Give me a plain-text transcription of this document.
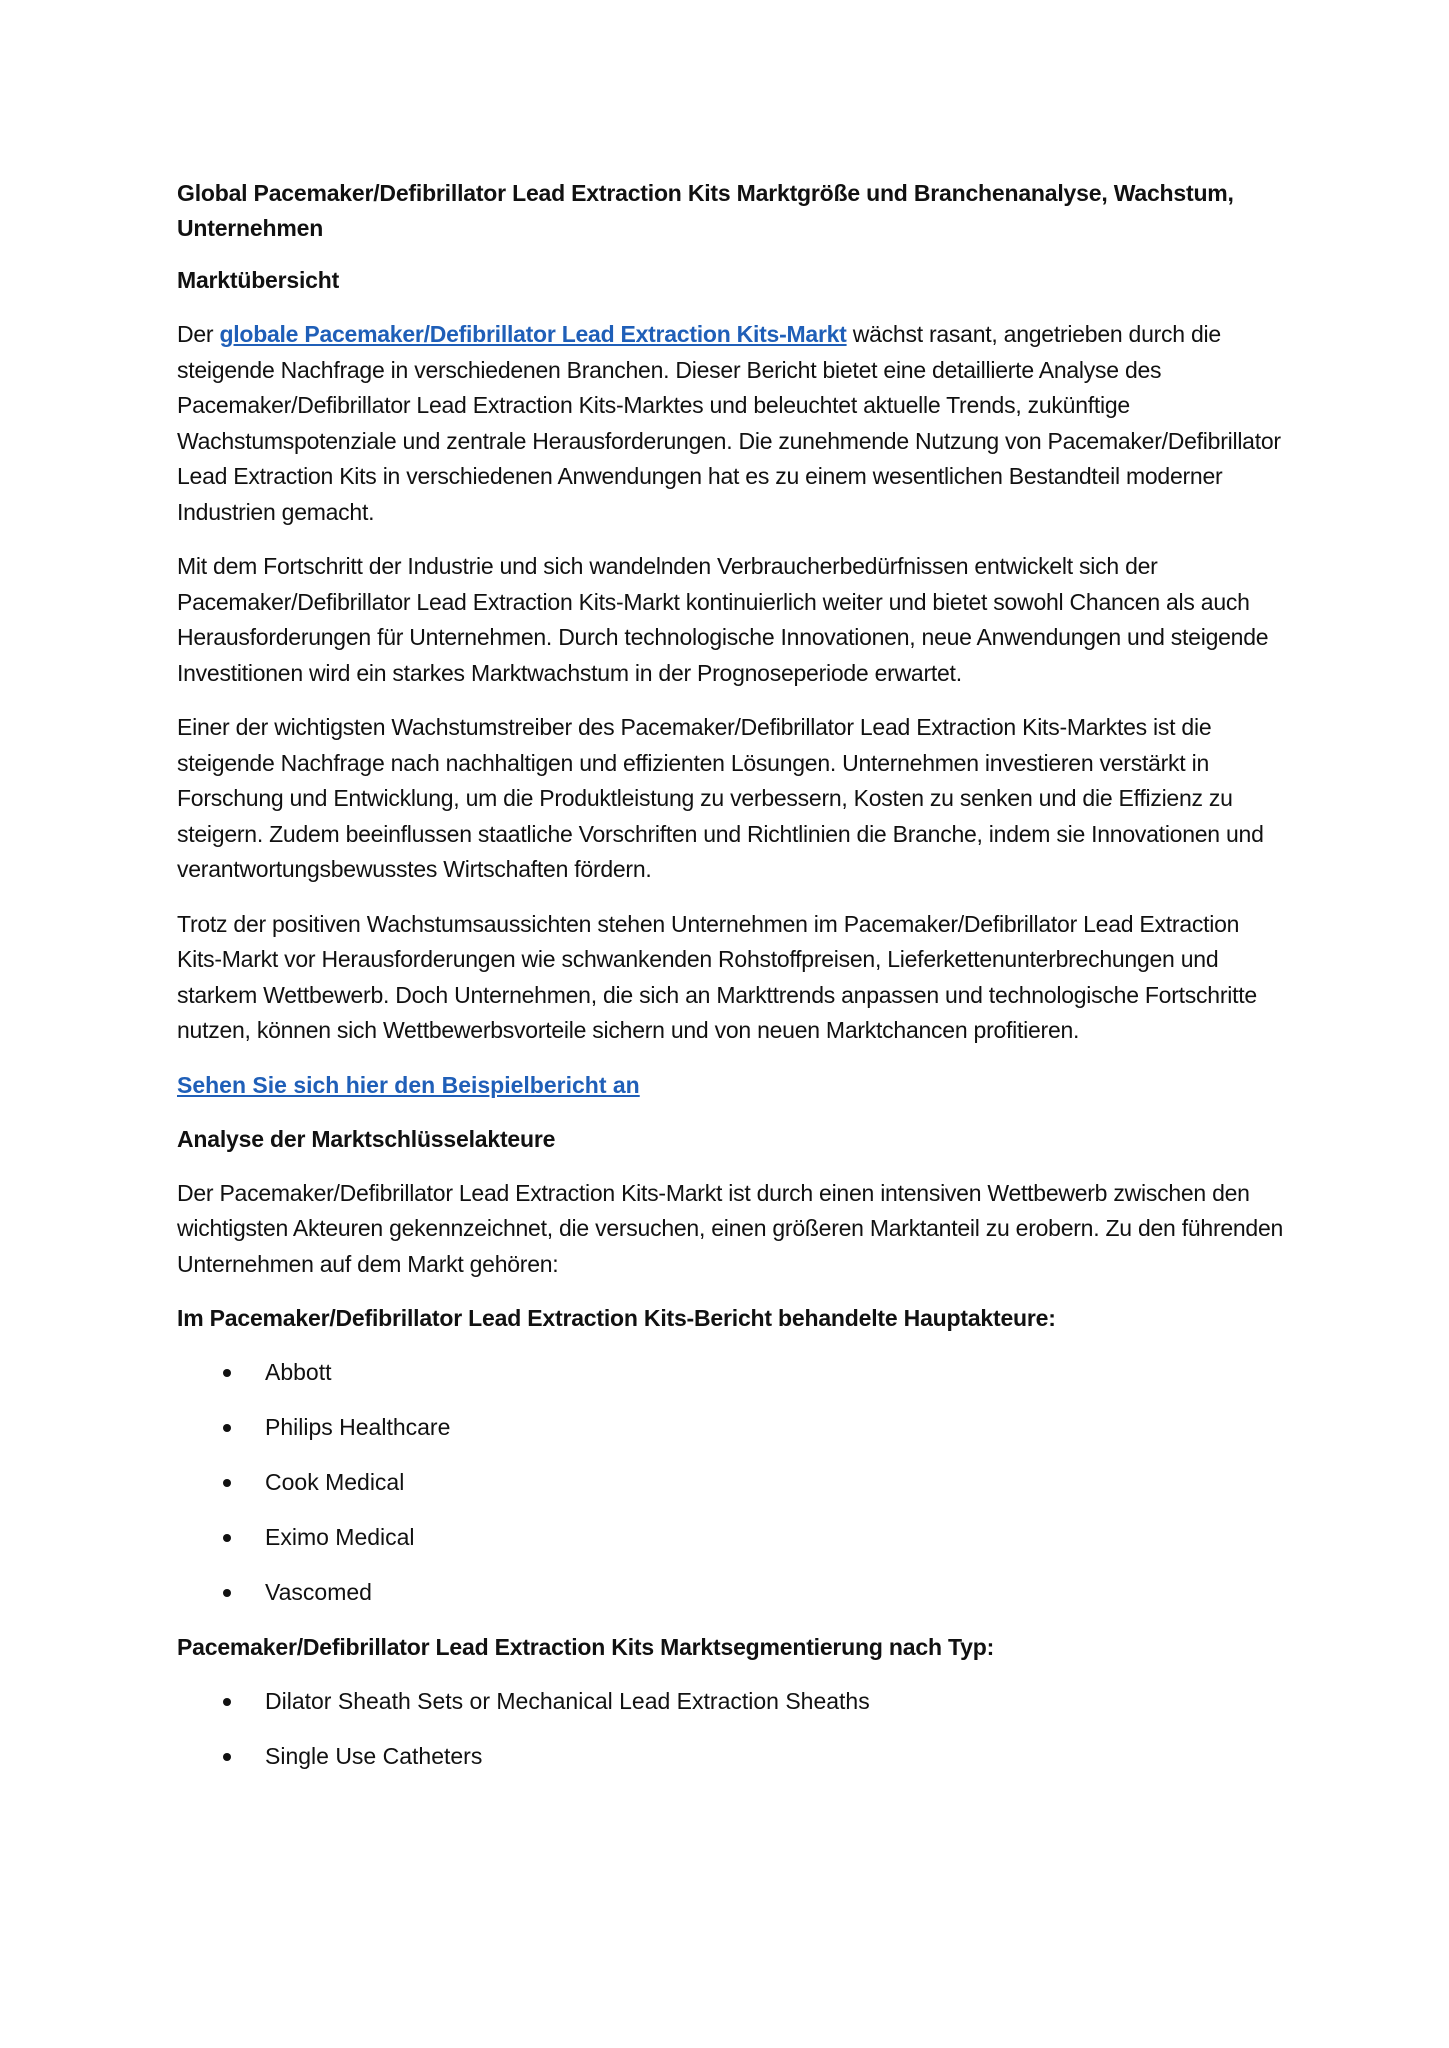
Global Pacemaker/Defibrillator Lead Extraction Kits Marktgröße und Branchenanalyse, Wachstum, Unternehmen
Marktübersicht
Der globale Pacemaker/Defibrillator Lead Extraction Kits-Markt wächst rasant, angetrieben durch die steigende Nachfrage in verschiedenen Branchen. Dieser Bericht bietet eine detaillierte Analyse des Pacemaker/Defibrillator Lead Extraction Kits-Marktes und beleuchtet aktuelle Trends, zukünftige Wachstumspotenziale und zentrale Herausforderungen. Die zunehmende Nutzung von Pacemaker/Defibrillator Lead Extraction Kits in verschiedenen Anwendungen hat es zu einem wesentlichen Bestandteil moderner Industrien gemacht.
Mit dem Fortschritt der Industrie und sich wandelnden Verbraucherbedürfnissen entwickelt sich der Pacemaker/Defibrillator Lead Extraction Kits-Markt kontinuierlich weiter und bietet sowohl Chancen als auch Herausforderungen für Unternehmen. Durch technologische Innovationen, neue Anwendungen und steigende Investitionen wird ein starkes Marktwachstum in der Prognoseperiode erwartet.
Einer der wichtigsten Wachstumstreiber des Pacemaker/Defibrillator Lead Extraction Kits-Marktes ist die steigende Nachfrage nach nachhaltigen und effizienten Lösungen. Unternehmen investieren verstärkt in Forschung und Entwicklung, um die Produktleistung zu verbessern, Kosten zu senken und die Effizienz zu steigern. Zudem beeinflussen staatliche Vorschriften und Richtlinien die Branche, indem sie Innovationen und verantwortungsbewusstes Wirtschaften fördern.
Trotz der positiven Wachstumsaussichten stehen Unternehmen im Pacemaker/Defibrillator Lead Extraction Kits-Markt vor Herausforderungen wie schwankenden Rohstoffpreisen, Lieferkettenunterbrechungen und starkem Wettbewerb. Doch Unternehmen, die sich an Markttrends anpassen und technologische Fortschritte nutzen, können sich Wettbewerbsvorteile sichern und von neuen Marktchancen profitieren.
Sehen Sie sich hier den Beispielbericht an
Analyse der Marktschlüsselakteure
Der Pacemaker/Defibrillator Lead Extraction Kits-Markt ist durch einen intensiven Wettbewerb zwischen den wichtigsten Akteuren gekennzeichnet, die versuchen, einen größeren Marktanteil zu erobern. Zu den führenden Unternehmen auf dem Markt gehören:
Im Pacemaker/Defibrillator Lead Extraction Kits-Bericht behandelte Hauptakteure:
Abbott
Philips Healthcare
Cook Medical
Eximo Medical
Vascomed
Pacemaker/Defibrillator Lead Extraction Kits Marktsegmentierung nach Typ:
Dilator Sheath Sets or Mechanical Lead Extraction Sheaths
Single Use Catheters
